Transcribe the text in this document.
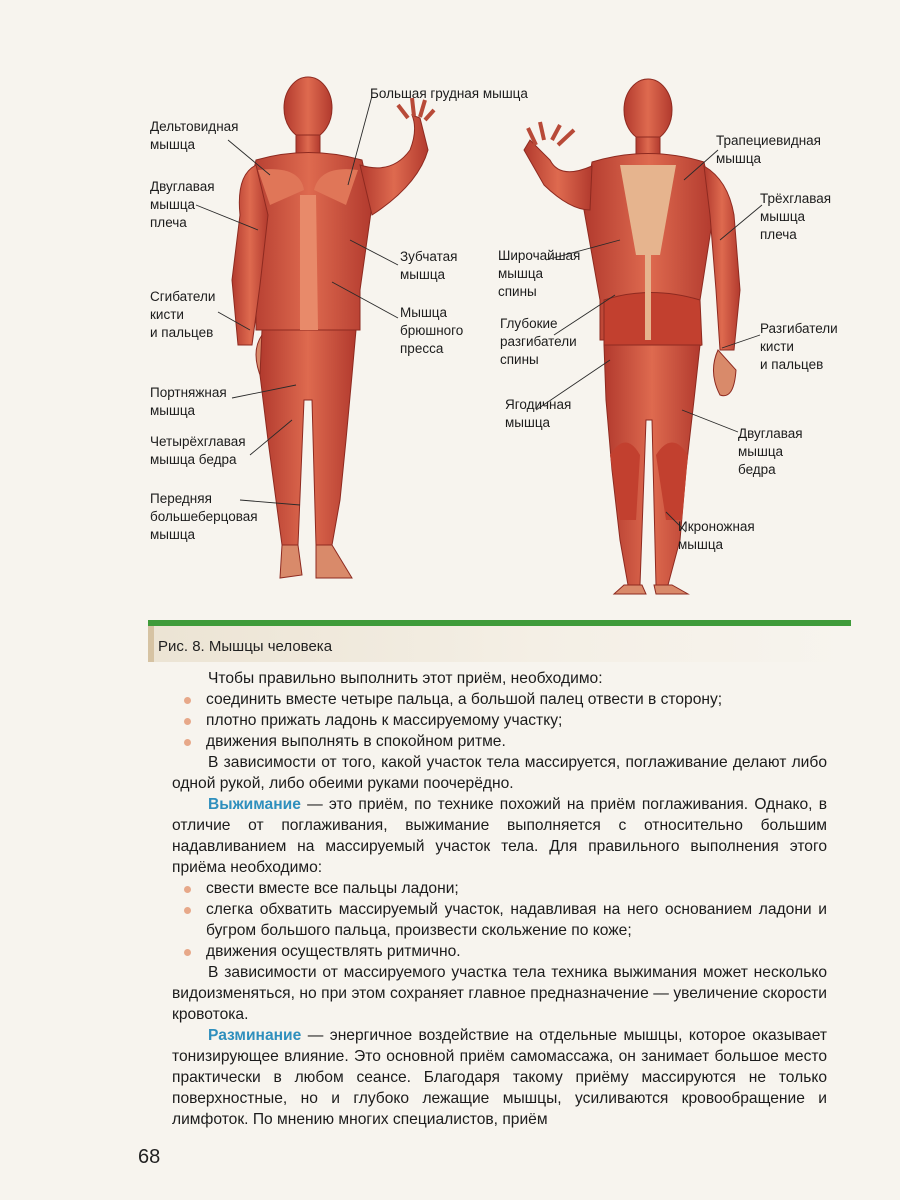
Большая грудная мышца
Дельтовидная
мышца
Двуглавая
мышца
плеча
Зубчатая
мышца
Сгибатели
кисти
и пальцев
Мышца
брюшного
пресса
Портняжная
мышца
Четырёхглавая
мышца бедра
Передняя
большеберцовая
мышца
Трапециевидная
мышца
Трёхглавая
мышца
плеча
Широчайшая
мышца
спины
Глубокие
разгибатели
спины
Разгибатели
кисти
и пальцев
Ягодичная
мышца
Двуглавая
мышца
бедра
Икроножная
мышца
Рис. 8. Мышцы человека

Чтобы правильно выполнить этот приём, необходимо:

соединить вместе четыре пальца, а большой палец отвести в сторону;

плотно прижать ладонь к массируемому участку;

движения выполнять в спокойном ритме.

В зависимости от того, какой участок тела массируется, поглаживание делают либо одной рукой, либо обеими руками поочерёдно.

Выжимание — это приём, по технике похожий на приём поглаживания. Однако, в отличие от поглаживания, выжимание выполняется с относительно большим надавливанием на массируемый участок тела. Для правильного выполнения этого приёма необходимо:

свести вместе все пальцы ладони;

слегка обхватить массируемый участок, надавливая на него основанием ладони и бугром большого пальца, произвести скольжение по коже;

движения осуществлять ритмично.

В зависимости от массируемого участка тела техника выжимания может несколько видоизменяться, но при этом сохраняет главное предназначение — увеличение скорости кровотока.

Разминание — энергичное воздействие на отдельные мышцы, которое оказывает тонизирующее влияние. Это основной приём самомассажа, он занимает большое место практически в любом сеансе. Благодаря такому приёму массируются не только поверхностные, но и глубоко лежащие мышцы, усиливаются кровообращение и лимфоток. По мнению многих специалистов, приём

68
